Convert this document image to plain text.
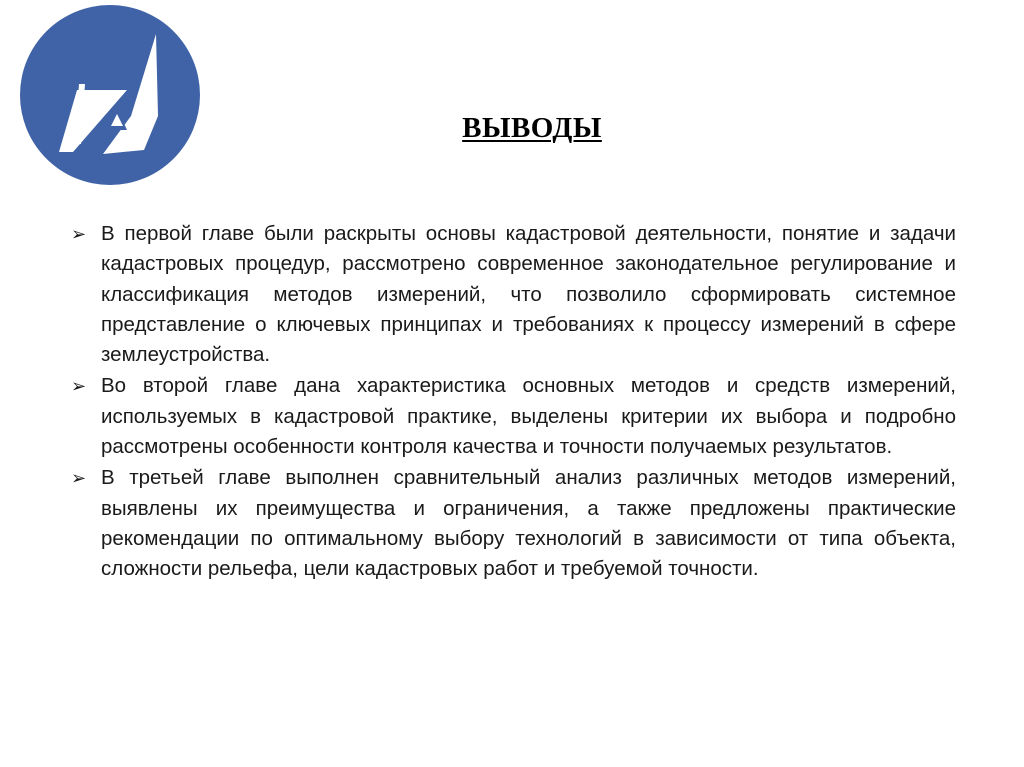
ВЫВОДЫ
➢ В первой главе были раскрыты основы кадастровой деятельности, понятие и задачи кадастровых процедур, рассмотрено современное законодательное регулирование и классификация методов измерений, что позволило сформировать системное представление о ключевых принципах и требованиях к процессу измерений в сфере землеустройства.
➢ Во второй главе дана характеристика основных методов и средств измерений, используемых в кадастровой практике, выделены критерии их выбора и подробно рассмотрены особенности контроля качества и точности получаемых результатов.
➢ В третьей главе выполнен сравнительный анализ различных методов измерений, выявлены их преимущества и ограничения, а также предложены практические рекомендации по оптимальному выбору технологий в зависимости от типа объекта, сложности рельефа, цели кадастровых работ и требуемой точности.
